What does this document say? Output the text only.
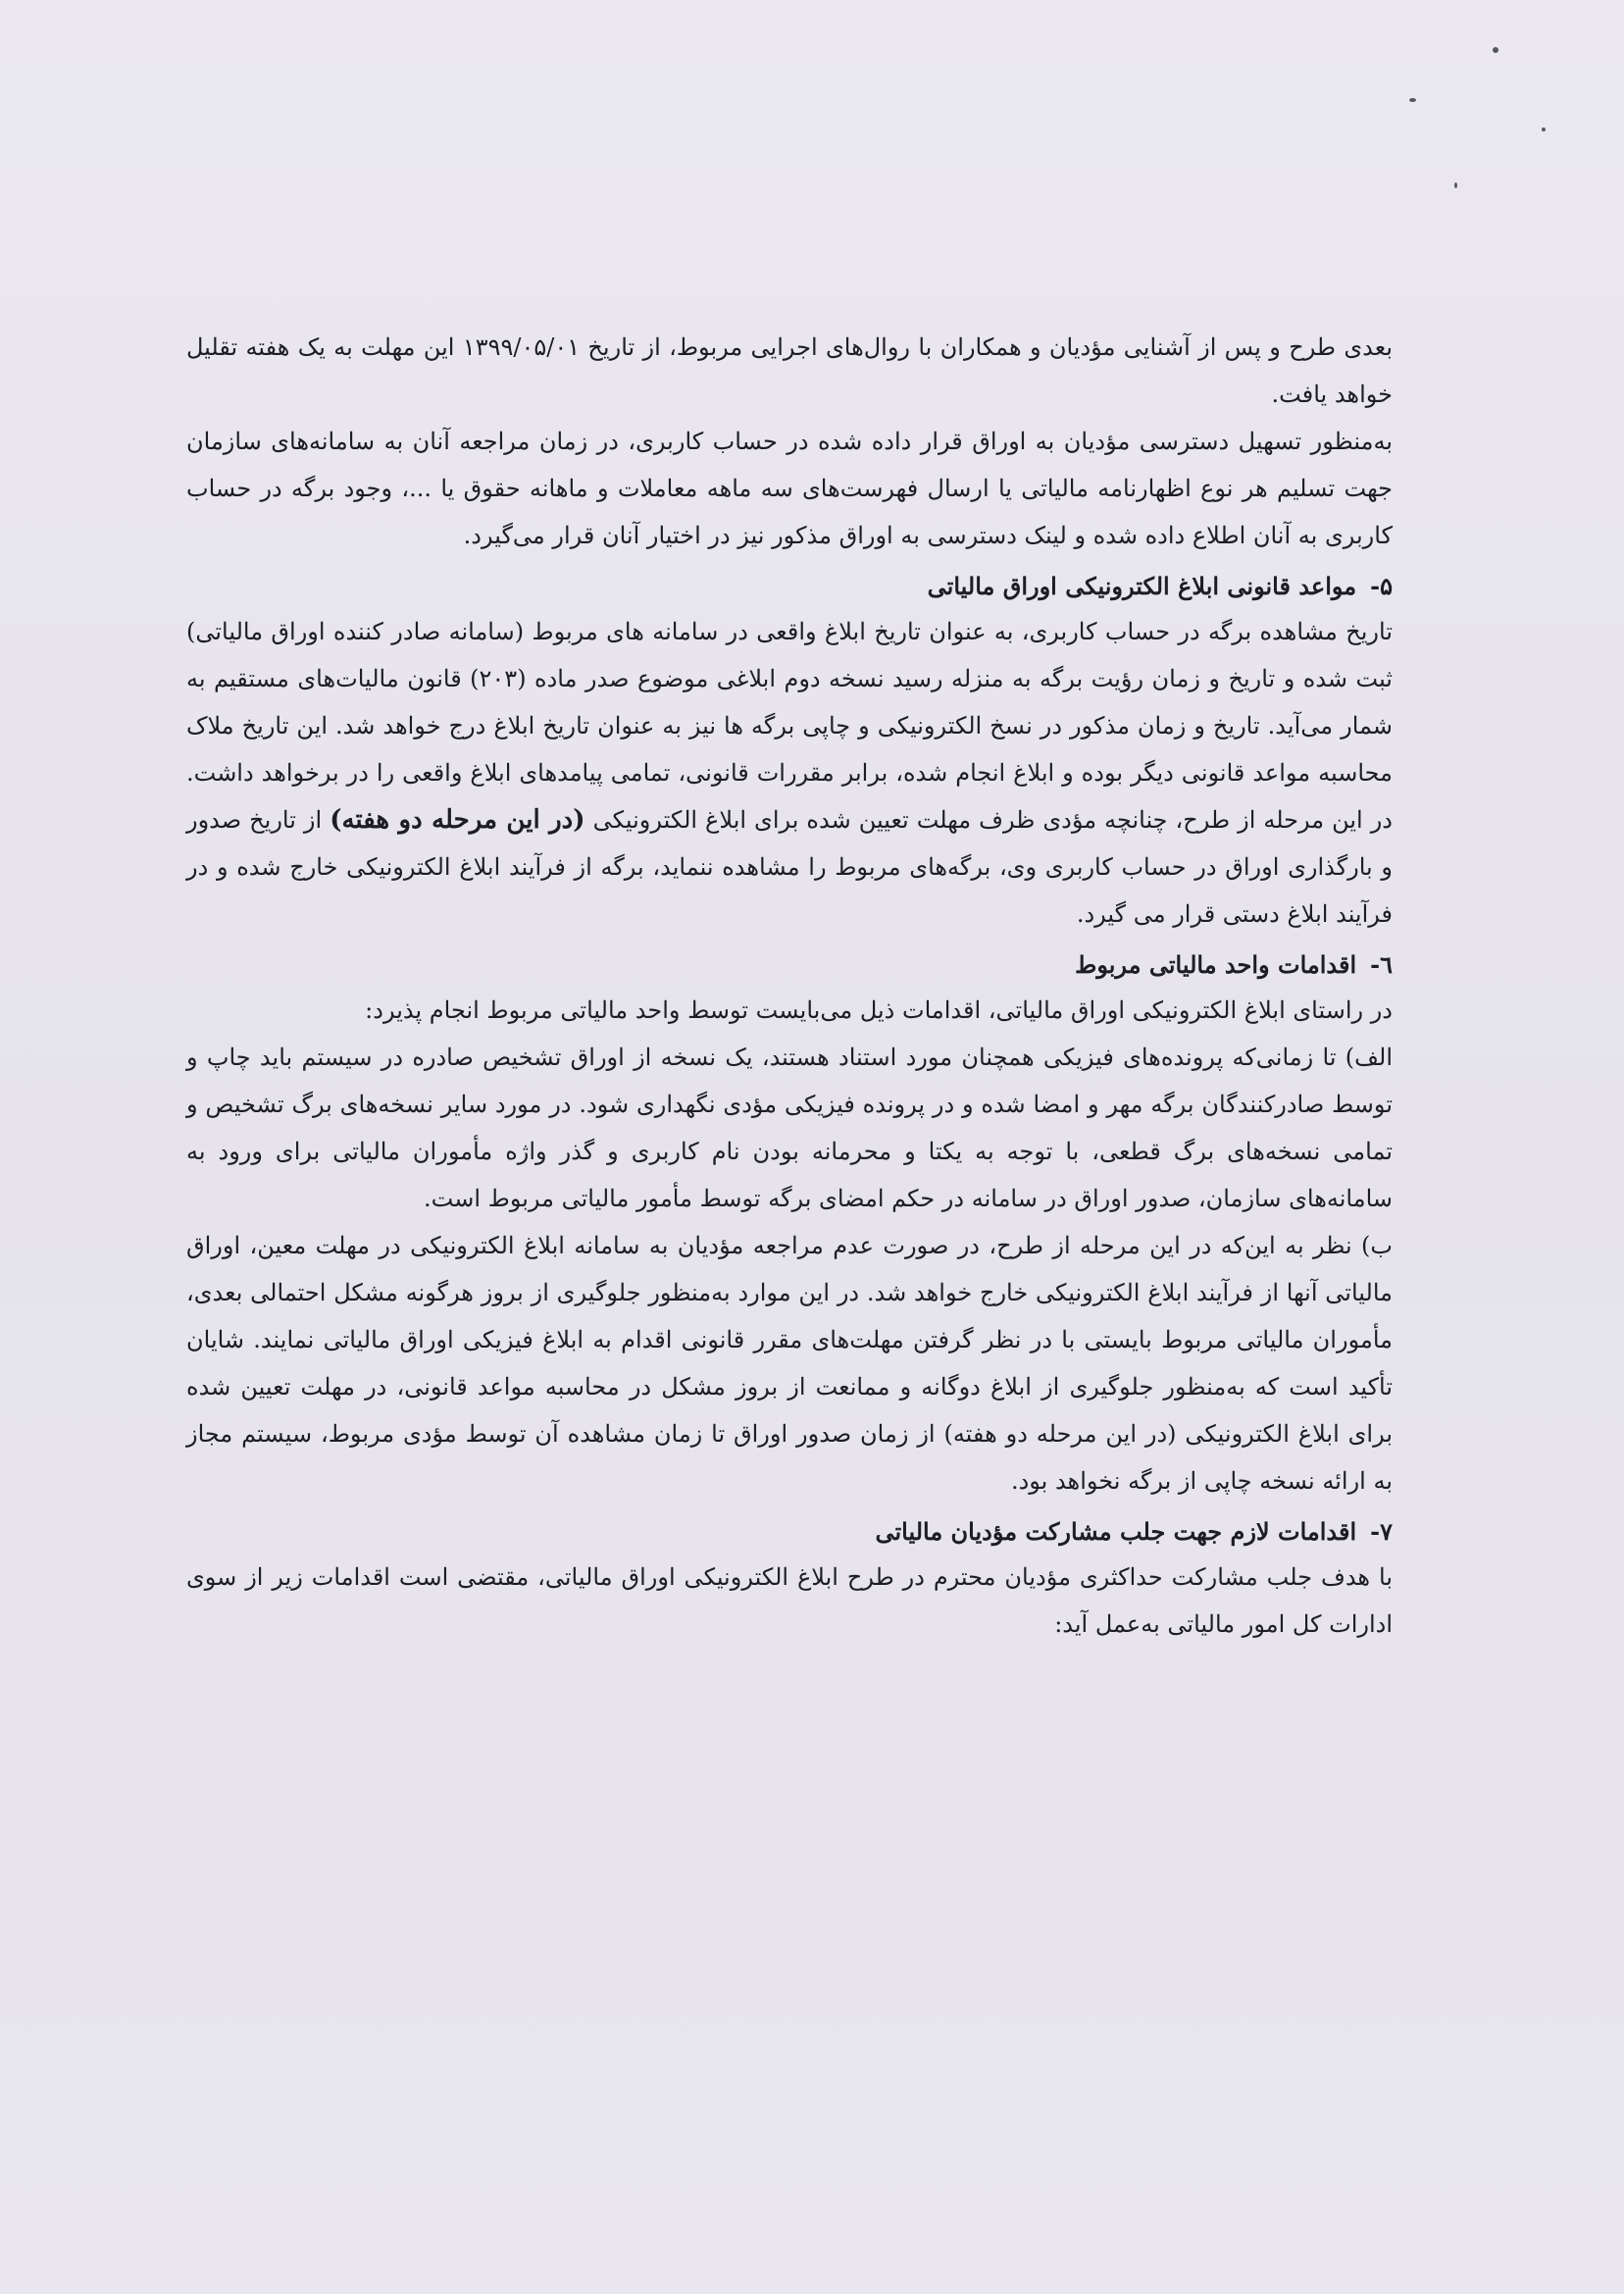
بعدی طرح و پس از آشنایی مؤدیان و همکاران با روال‌های اجرایی مربوط، از تاریخ ۱۳۹۹/۰۵/۰۱ این مهلت به یک هفته تقلیل خواهد یافت.

به‌منظور تسهیل دسترسی مؤدیان به اوراق قرار داده شده در حساب کاربری، در زمان مراجعه آنان به سامانه‌های سازمان جهت تسلیم هر نوع اظهارنامه مالیاتی یا ارسال فهرست‌های سه ماهه معاملات و ماهانه حقوق یا ...، وجود برگه در حساب کاربری به آنان اطلاع داده شده و لینک دسترسی به اوراق مذکور نیز در اختیار آنان قرار می‌گیرد.

۵-مواعد قانونی ابلاغ الکترونیکی اوراق مالیاتی

تاریخ مشاهده برگه در حساب کاربری، به عنوان تاریخ ابلاغ واقعی در سامانه های مربوط (سامانه صادر کننده اوراق مالیاتی) ثبت شده و تاریخ و زمان رؤیت برگه به منزله رسید نسخه دوم ابلاغی موضوع صدر ماده (۲۰۳) قانون مالیات‌های مستقیم به شمار می‌آید. تاریخ و زمان مذکور در نسخ الکترونیکی و چاپی برگه ها نیز به عنوان تاریخ ابلاغ درج خواهد شد. این تاریخ ملاک محاسبه مواعد قانونی دیگر بوده و ابلاغ انجام شده، برابر مقررات قانونی، تمامی پیامدهای ابلاغ واقعی را در برخواهد داشت. در این مرحله از طرح، چنانچه مؤدی ظرف مهلت تعیین شده برای ابلاغ الکترونیکی (در این مرحله دو هفته) از تاریخ صدور و بارگذاری اوراق در حساب کاربری وی، برگه‌های مربوط را مشاهده ننماید، برگه از فرآیند ابلاغ الکترونیکی خارج شده و در فرآیند ابلاغ دستی قرار می گیرد.

٦-اقدامات واحد مالیاتی مربوط

در راستای ابلاغ الکترونیکی اوراق مالیاتی، اقدامات ذیل می‌بایست توسط واحد مالیاتی مربوط انجام پذیرد:

الف) تا زمانی‌که پرونده‌های فیزیکی همچنان مورد استناد هستند، یک نسخه از اوراق تشخیص صادره در سیستم باید چاپ و توسط صادرکنندگان برگه مهر و امضا شده و در پرونده فیزیکی مؤدی نگهداری شود. در مورد سایر نسخه‌های برگ تشخیص و تمامی نسخه‌های برگ قطعی، با توجه به یکتا و محرمانه بودن نام کاربری و گذر واژه مأموران مالیاتی برای ورود به سامانه‌های سازمان، صدور اوراق در سامانه در حکم امضای برگه توسط مأمور مالیاتی مربوط است.

ب) نظر به این‌که در این مرحله از طرح، در صورت عدم مراجعه مؤدیان به سامانه ابلاغ الکترونیکی در مهلت معین، اوراق مالیاتی آنها از فرآیند ابلاغ الکترونیکی خارج خواهد شد. در این موارد به‌منظور جلوگیری از بروز هرگونه مشکل احتمالی بعدی، مأموران مالیاتی مربوط بایستی با در نظر گرفتن مهلت‌های مقرر قانونی اقدام به ابلاغ فیزیکی اوراق مالیاتی نمایند. شایان تأکید است که به‌منظور جلوگیری از ابلاغ دوگانه و ممانعت از بروز مشکل در محاسبه مواعد قانونی، در مهلت تعیین شده برای ابلاغ الکترونیکی (در این مرحله دو هفته) از زمان صدور اوراق تا زمان مشاهده آن توسط مؤدی مربوط، سیستم مجاز به ارائه نسخه چاپی از برگه نخواهد بود.

۷-اقدامات لازم جهت جلب مشارکت مؤدیان مالیاتی

با هدف جلب مشارکت حداکثری مؤدیان محترم در طرح ابلاغ الکترونیکی اوراق مالیاتی، مقتضی است اقدامات زیر از سوی ادارات کل امور مالیاتی به‌عمل آید:
